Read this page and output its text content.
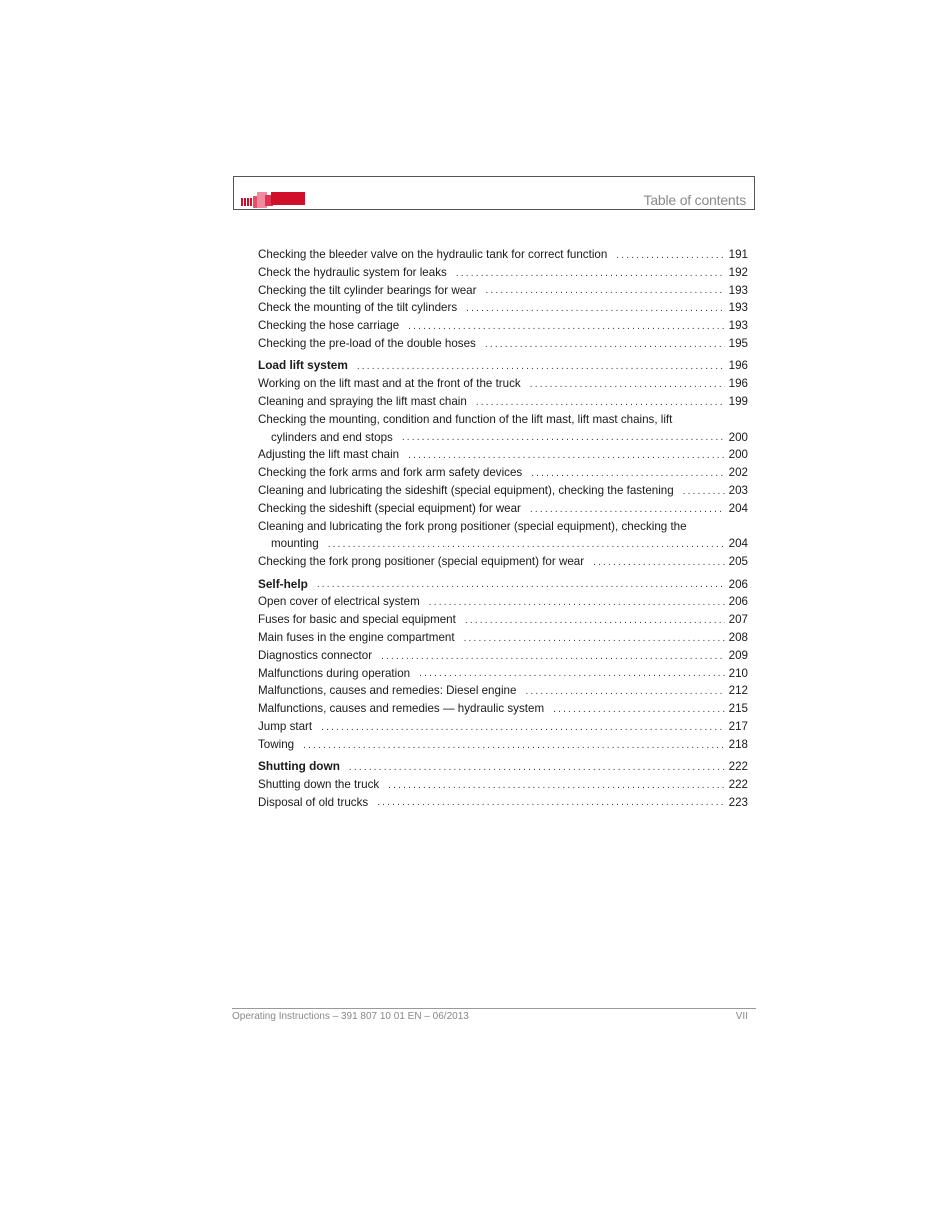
Table of contents
Checking the bleeder valve on the hydraulic tank for correct function .....	191
Check the hydraulic system for leaks .....	192
Checking the tilt cylinder bearings for wear .....	193
Check the mounting of the tilt cylinders .....	193
Checking the hose carriage .....	193
Checking the pre-load of the double hoses .....	195
Load lift system .....	196
Working on the lift mast and at the front of the truck .....	196
Cleaning and spraying the lift mast chain .....	199
Checking the mounting, condition and function of the lift mast, lift mast chains, lift
cylinders and end stops .....	200
Adjusting the lift mast chain .....	200
Checking the fork arms and fork arm safety devices .....	202
Cleaning and lubricating the sideshift (special equipment), checking the fastening .....	203
Checking the sideshift (special equipment) for wear .....	204
Cleaning and lubricating the fork prong positioner (special equipment), checking the
mounting .....	204
Checking the fork prong positioner (special equipment) for wear .....	205
Self-help .....	206
Open cover of electrical system .....	206
Fuses for basic and special equipment .....	207
Main fuses in the engine compartment .....	208
Diagnostics connector .....	209
Malfunctions during operation .....	210
Malfunctions, causes and remedies: Diesel engine .....	212
Malfunctions, causes and remedies — hydraulic system .....	215
Jump start .....	217
Towing .....	218
Shutting down .....	222
Shutting down the truck .....	222
Disposal of old trucks .....	223
Operating Instructions – 391 807 10 01 EN – 06/2013	VII
